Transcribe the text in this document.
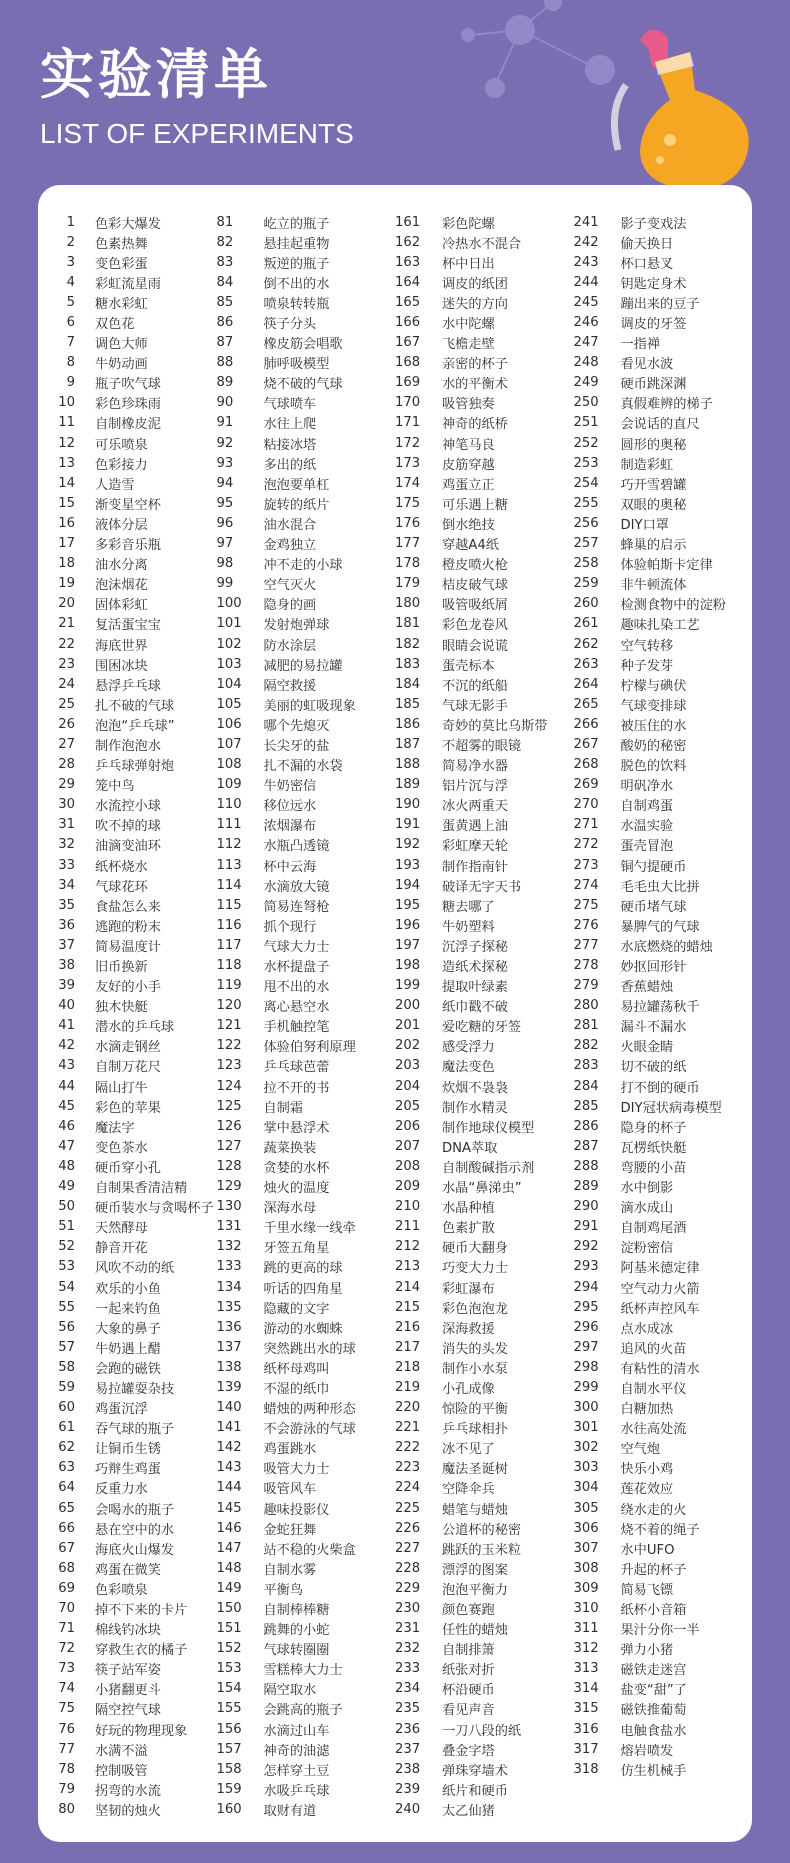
实验清单
LIST OF EXPERIMENTS
1 色彩大爆发
2 色素热舞
3 变色彩蛋
4 彩虹流星雨
5 糖水彩虹
6 双色花
7 调色大师
8 牛奶动画
9 瓶子吹气球
10 彩色珍珠雨
11 自制橡皮泥
12 可乐喷泉
13 色彩接力
14 人造雪
15 渐变星空杯
16 液体分层
17 多彩音乐瓶
18 油水分离
19 泡沫烟花
20 固体彩虹
21 复活蛋宝宝
22 海底世界
23 围困冰块
24 悬浮乒乓球
25 扎不破的气球
26 泡泡“乒乓球”
27 制作泡泡水
28 乒乓球弹射炮
29 笼中鸟
30 水流控小球
31 吹不掉的球
32 油滴变油环
33 纸杯烧水
34 气球花环
35 食盐怎么来
36 逃跑的粉末
37 简易温度计
38 旧币换新
39 友好的小手
40 独木快艇
41 潜水的乒乓球
42 水滴走钢丝
43 自制万花尺
44 隔山打牛
45 彩色的苹果
46 魔法字
47 变色茶水
48 硬币穿小孔
49 自制果香清洁精
50 硬币装水与贪喝杯子
51 天然酵母
52 静音开花
53 风吹不动的纸
54 欢乐的小鱼
55 一起来钓鱼
56 大象的鼻子
57 牛奶遇上醋
58 会跑的磁铁
59 易拉罐耍杂技
60 鸡蛋沉浮
61 吞气球的瓶子
62 让铜币生锈
63 巧辩生鸡蛋
64 反重力水
65 会喝水的瓶子
66 悬在空中的水
67 海底火山爆发
68 鸡蛋在微笑
69 色彩喷泉
70 掉不下来的卡片
71 棉线钓冰块
72 穿救生衣的橘子
73 筷子站军姿
74 小猪翻更斗
75 隔空控气球
76 好玩的物理现象
77 水满不溢
78 控制吸管
79 拐弯的水流
80 坚韧的烛火
81	屹立的瓶子
82	悬挂起重物
83	叛逆的瓶子
84	倒不出的水
85	喷泉转转瓶
86	筷子分头
87	橡皮筋会唱歌
88	肺呼吸模型
89	烧不破的气球
90	气球喷车
91	水往上爬
92	粘接冰塔
93	多出的纸
94	泡泡要单杠
95	旋转的纸片
96	油水混合
97	金鸡独立
98	冲不走的小球
99	空气灭火
100	隐身的画
101	发射炮弹球
102	防水涂层
103	减肥的易拉罐
104	隔空救援
105	美丽的虹吸现象
106	哪个先熄灭
107	长尖牙的盐
108	扎不漏的水袋
109	牛奶密信
110	移位远水
111	浓烟瀑布
112	水瓶凸透镜
113	杯中云海
114	水滴放大镜
115	简易连弩枪
116	抓个现行
117	气球大力士
118	水杯提盘子
119	甩不出的水
120	离心悬空水
121	手机触控笔
122	体验伯努利原理
123	乒乓球芭蕾
124	拉不开的书
125	自制霜
126	掌中悬浮术
127	蔬菜换装
128	贪婪的水杯
129	烛火的温度
130	深海水母
131	千里水缘一线牵
132	牙签五角星
133	跳的更高的球
134	听话的四角星
135	隐藏的文字
136	游动的水蜘蛛
137	突然跳出水的球
138	纸杯母鸡叫
139	不湿的纸巾
140	蜡烛的两种形态
141	不会游泳的气球
142	鸡蛋跳水
143	吸管大力士
144	吸管风车
145	趣味投影仪
146	金蛇狂舞
147	站不稳的火柴盒
148	自制水雾
149	平衡鸟
150	自制棒棒糖
151	跳舞的小蛇
152	气球转圈圈
153	雪糕棒大力士
154	隔空取水
155	会跳高的瓶子
156	水滴过山车
157	神奇的油滤
158	怎样穿土豆
159	水吸乒乓球
160	取财有道
161	彩色陀螺
162	冷热水不混合
163	杯中日出
164	调皮的纸团
165	迷失的方向
166	水中陀螺
167	飞檐走壁
168	亲密的杯子
169	水的平衡术
170	吸管独奏
171	神奇的纸桥
172	神笔马良
173	皮筋穿越
174	鸡蛋立正
175	可乐遇上糖
176	倒水绝技
177	穿越A4纸
178	橙皮喷火枪
179	桔皮破气球
180	吸管吸纸屑
181	彩色龙卷风
182	眼睛会说谎
183	蛋壳标本
184	不沉的纸船
185	气球无影手
186	奇妙的莫比乌斯带
187	不超雾的眼镜
188	简易净水器
189	铝片沉与浮
190	冰火两重天
191	蛋黄遇上油
192	彩虹摩天轮
193	制作指南针
194	破译无字天书
195	糖去哪了
196	牛奶塑料
197	沉浮子探秘
198	造纸术探秘
199	提取叶绿素
200	纸巾戳不破
201	爱吃糖的牙签
202	感受浮力
203	魔法变色
204	炊烟不袅袅
205	制作水精灵
206	制作地球仪模型
207	DNA萃取
208	自制酸碱指示剂
209	水晶“鼻涕虫”
210	水晶种植
211	色素扩散
212	硬币大翻身
213	巧变大力士
214	彩虹瀑布
215	彩色泡泡龙
216	深海救援
217	消失的头发
218	制作小水泵
219	小孔成像
220	惊险的平衡
221	乒乓球相扑
222	冰不见了
223	魔法圣诞树
224	空降伞兵
225	蜡笔与蜡烛
226	公道杯的秘密
227	跳跃的玉米粒
228	漂浮的图案
229	泡泡平衡力
230	颜色赛跑
231	任性的蜡烛
232	自制排箫
233	纸张对折
234	杯沿硬币
235	看见声音
236	一刀八段的纸
237	叠金字塔
238	弹珠穿墙术
239	纸片和硬币
240	太乙仙猪
241	影子变戏法
242	偷天换日
243	杯口悬叉
244	钥匙定身术
245	蹦出来的豆子
246	调皮的牙签
247	一指禅
248	看见水波
249	硬币跳深渊
250	真假难辨的梯子
251	会说话的直尺
252	圆形的奥秘
253	制造彩虹
254	巧开雪碧罐
255	双眼的奥秘
256	DIY口罩
257	蜂巢的启示
258	体验帕斯卡定律
259	非牛顿流体
260	检测食物中的淀粉
261	趣味扎染工艺
262	空气转移
263	种子发芽
264	柠檬与碘伏
265	气球变排球
266	被压住的水
267	酸奶的秘密
268	脱色的饮料
269	明矾净水
270	自制鸡蛋
271	水温实验
272	蛋壳冒泡
273	铜勺提硬币
274	毛毛虫大比拼
275	硬币堵气球
276	暴脾气的气球
277	水底燃烧的蜡烛
278	妙抠回形针
279	香蕉蜡烛
280	易拉罐荡秋千
281	漏斗不漏水
282	火眼金睛
283	切不破的纸
284	打不倒的硬币
285	DIY冠状病毒模型
286	隐身的杯子
287	瓦楞纸快艇
288	弯腰的小苗
289	水中倒影
290	滴水成山
291	自制鸡尾酒
292	淀粉密信
293	阿基米德定律
294	空气动力火箭
295	纸杯声控风车
296	点水成冰
297	追风的火苗
298	有粘性的清水
299	自制水平仪
300	白糖加热
301	水往高处流
302	空气炮
303	快乐小鸡
304	莲花效应
305	绕水走的火
306	烧不着的绳子
307	水中UFO
308	升起的杯子
309	简易飞镖
310	纸杯小音箱
311	果汁分你一半
312	弹力小猪
313	磁铁走迷宫
314	盐变“甜”了
315	磁铁推葡萄
316	电触食盐水
317	熔岩喷发
318	仿生机械手
